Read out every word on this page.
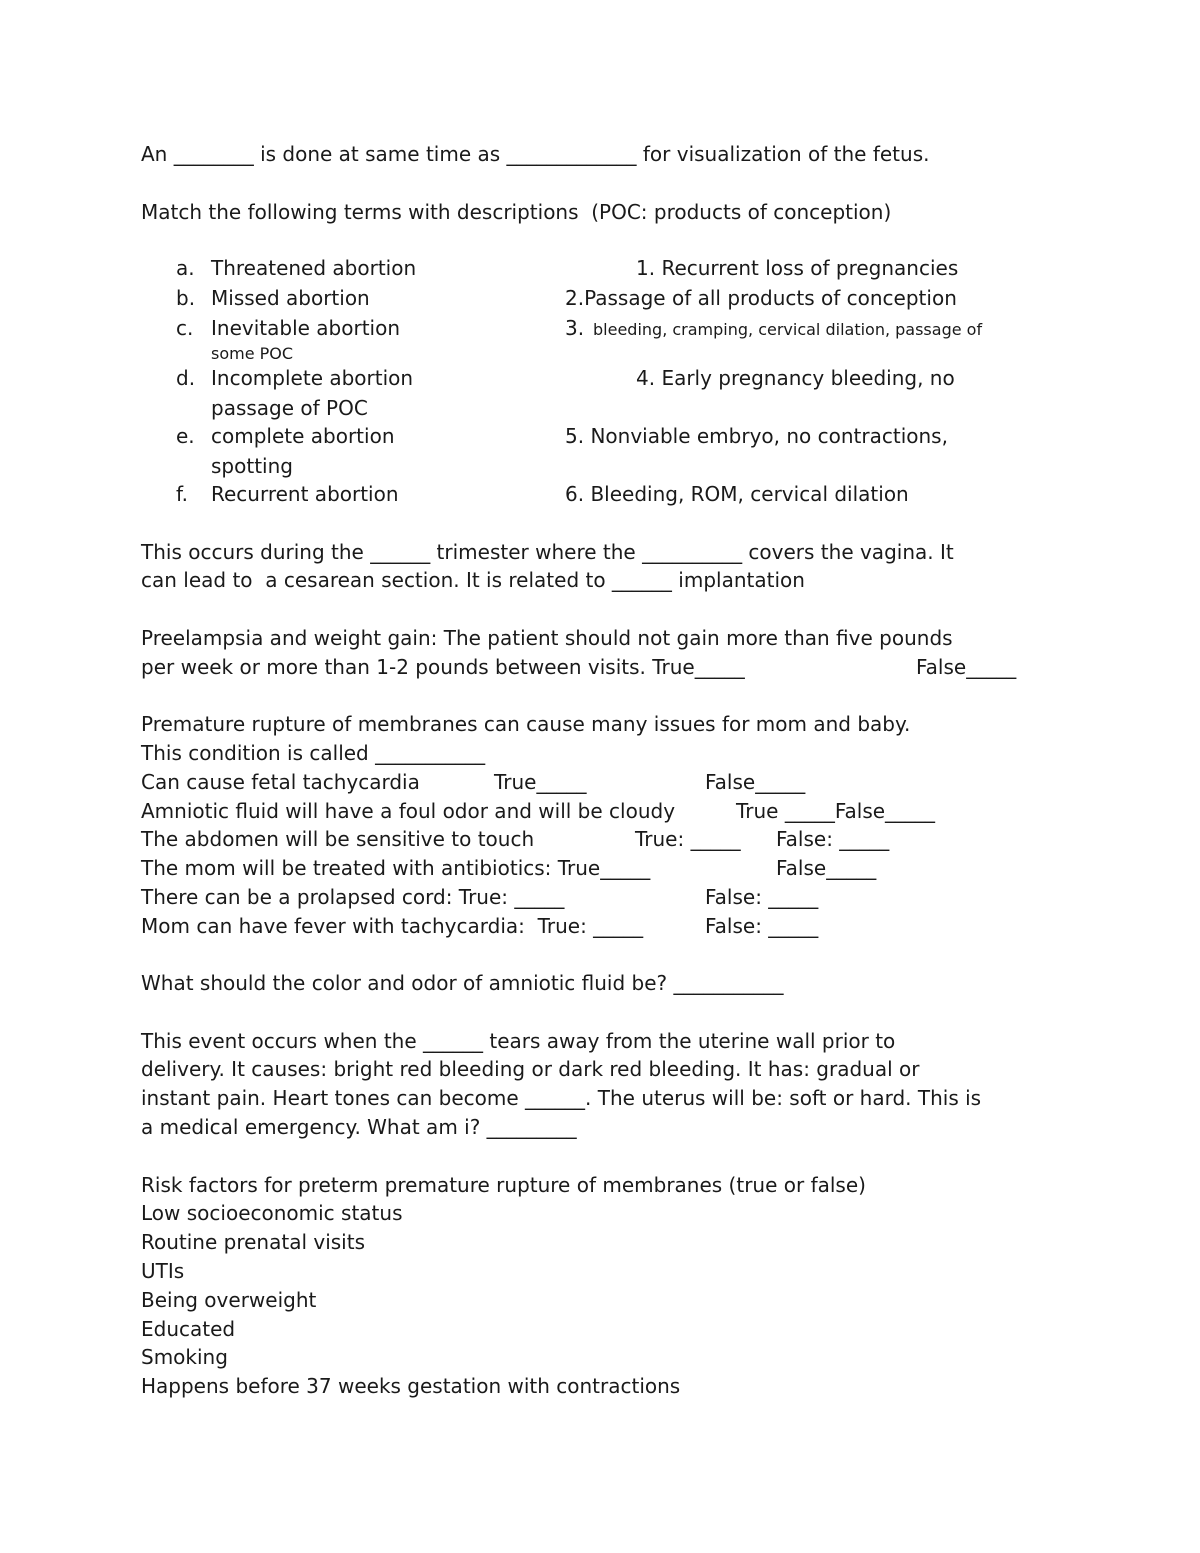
An ________ is done at same time as _____________ for visualization of the fetus.
Match the following terms with descriptions  (POC: products of conception)
a. Threatened abortion	1. Recurrent loss of pregnancies
b. Missed abortion	2.Passage of all products of conception
c. Inevitable abortion	3. bleeding, cramping, cervical dilation, passage of
some POC
d. Incomplete abortion	4. Early pregnancy bleeding, no
passage of POC
e. complete abortion	5. Nonviable embryo, no contractions,
spotting
f. Recurrent abortion	6. Bleeding, ROM, cervical dilation
This occurs during the ______ trimester where the __________ covers the vagina. It
can lead to  a cesarean section. It is related to ______ implantation
Preelampsia and weight gain: The patient should not gain more than five pounds
per week or more than 1-2 pounds between visits. True_____	False_____
Premature rupture of membranes can cause many issues for mom and baby.
This condition is called ___________
Can cause fetal tachycardia	True_____	False_____
Amniotic fluid will have a foul odor and will be cloudy	True _____False_____
The abdomen will be sensitive to touch	True: _____ False: _____
The mom will be treated with antibiotics: True_____	False_____
There can be a prolapsed cord: True: _____	False: _____
Mom can have fever with tachycardia:  True: _____	False: _____
What should the color and odor of amniotic fluid be? ___________
This event occurs when the ______ tears away from the uterine wall prior to
delivery. It causes: bright red bleeding or dark red bleeding. It has: gradual or
instant pain. Heart tones can become ______. The uterus will be: soft or hard. This is
a medical emergency. What am i? _________
Risk factors for preterm premature rupture of membranes (true or false)
Low socioeconomic status
Routine prenatal visits
UTIs
Being overweight
Educated
Smoking
Happens before 37 weeks gestation with contractions
